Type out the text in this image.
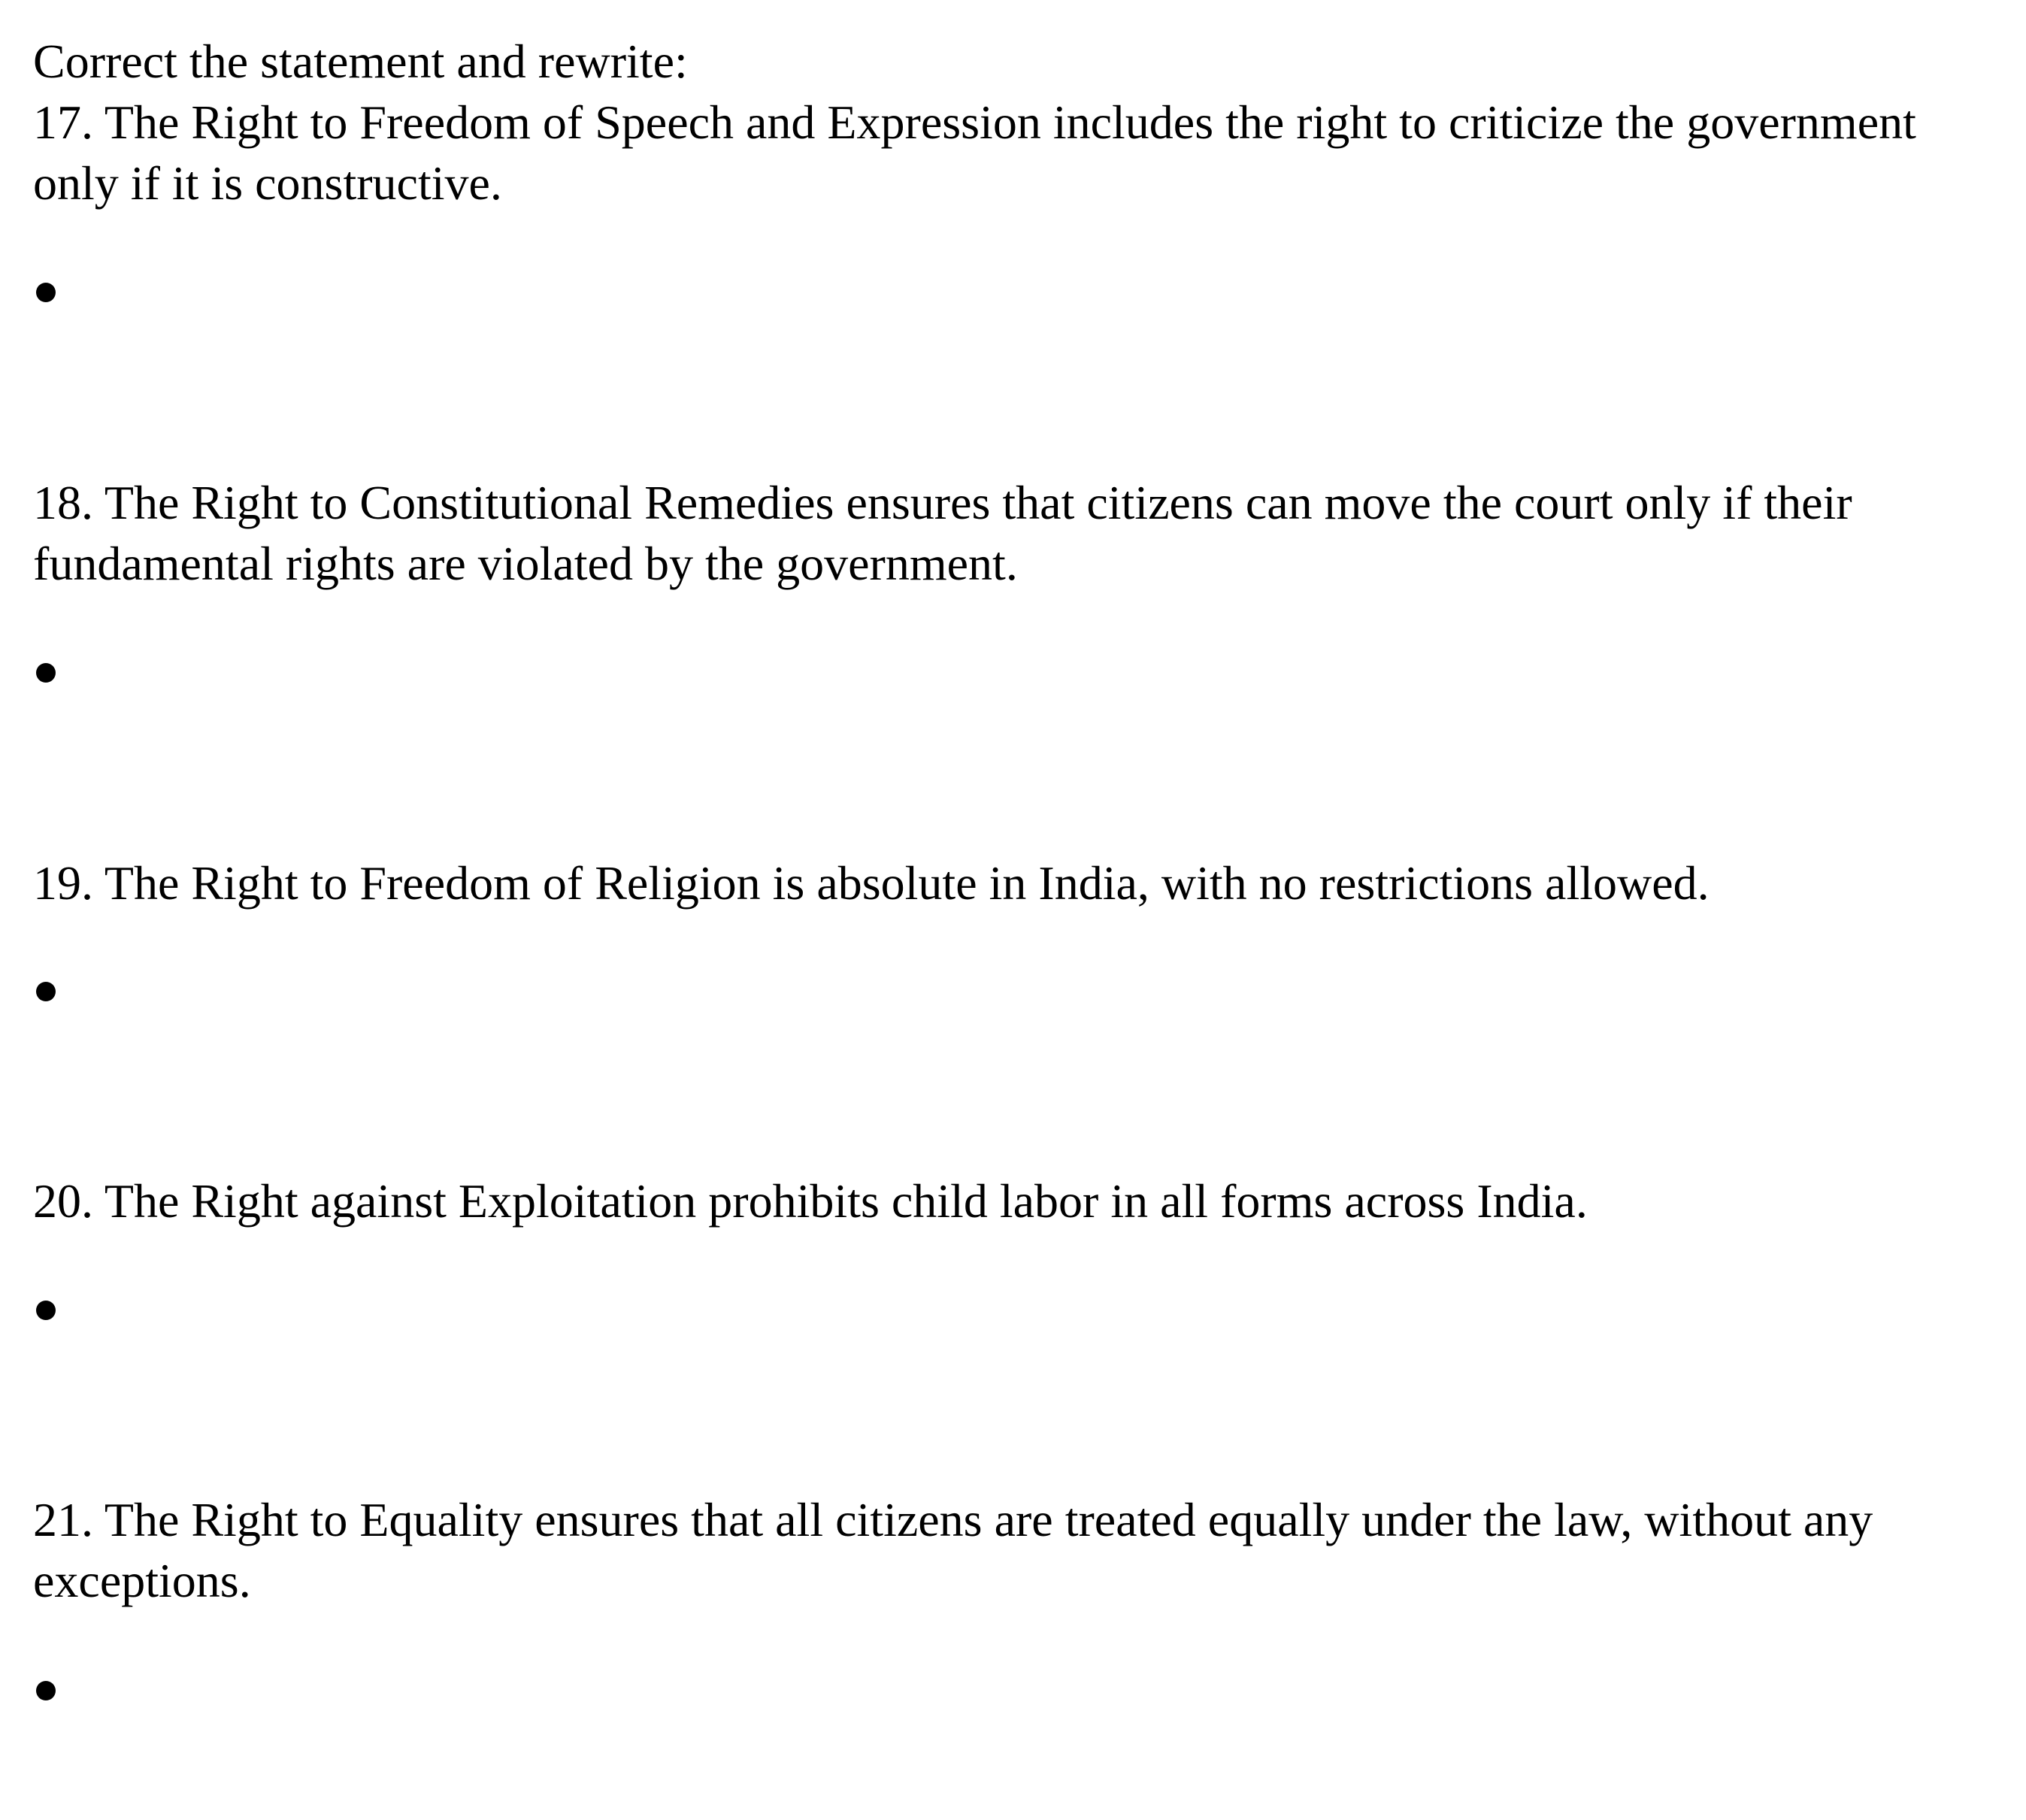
Correct the statement and rewrite:
17. The Right to Freedom of Speech and Expression includes the right to criticize the government only if it is constructive.
18. The Right to Constitutional Remedies ensures that citizens can move the court only if their fundamental rights are violated by the government.
19. The Right to Freedom of Religion is absolute in India, with no restrictions allowed.
20. The Right against Exploitation prohibits child labor in all forms across India.
21. The Right to Equality ensures that all citizens are treated equally under the law, without any exceptions.
